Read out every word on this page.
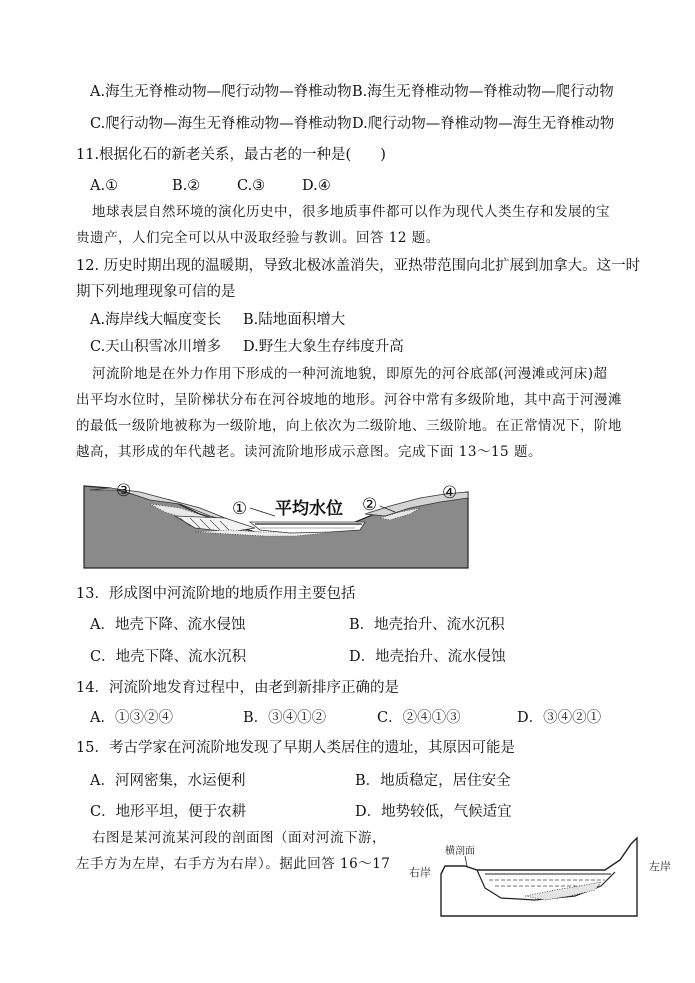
A.海生无脊椎动物—爬行动物—脊椎动物 B.海生无脊椎动物—脊椎动物—爬行动物
C.爬行动物—海生无脊椎动物—脊椎动物 D.爬行动物—脊椎动物—海生无脊椎动物
11.根据化石的新老关系，最古老的一种是(　　)
A.①	B.②	C.③	D.④
地球表层自然环境的演化历史中，很多地质事件都可以作为现代人类生存和发展的宝
贵遗产，人们完全可以从中汲取经验与教训。回答 12 题。
12. 历史时期出现的温暖期，导致北极冰盖消失，亚热带范围向北扩展到加拿大。这一时
期下列地理现象可信的是
A.海岸线大幅度变长 B.陆地面积增大
C.天山积雪冰川增多 D.野生大象生存纬度升高
河流阶地是在外力作用下形成的一种河流地貌，即原先的河谷底部(河漫滩或河床)超
出平均水位时，呈阶梯状分布在河谷坡地的地形。河谷中常有多级阶地，其中高于河漫滩
的最低一级阶地被称为一级阶地，向上依次为二级阶地、三级阶地。在正常情况下，阶地
越高，其形成的年代越老。读河流阶地形成示意图。完成下面 13～15 题。
平均水位
③
①	②
④
13．形成图中河流阶地的地质作用主要包括
A．地壳下降、流水侵蚀	B．地壳抬升、流水沉积
C．地壳下降、流水沉积	D．地壳抬升、流水侵蚀
14．河流阶地发育过程中，由老到新排序正确的是
A．①③②④	B．③④①②	C．②④①③	D．③④②①
15．考古学家在河流阶地发现了早期人类居住的遗址，其原因可能是
A．河网密集，水运便利	B．地质稳定，居住安全
C．地形平坦，便于农耕	D．地势较低，气候适宜
右图是某河流某河段的剖面图（面对河流下游，
左手方为左岸，右手方为右岸）。据此回答 16～17
横剖面
右岸	左岸
